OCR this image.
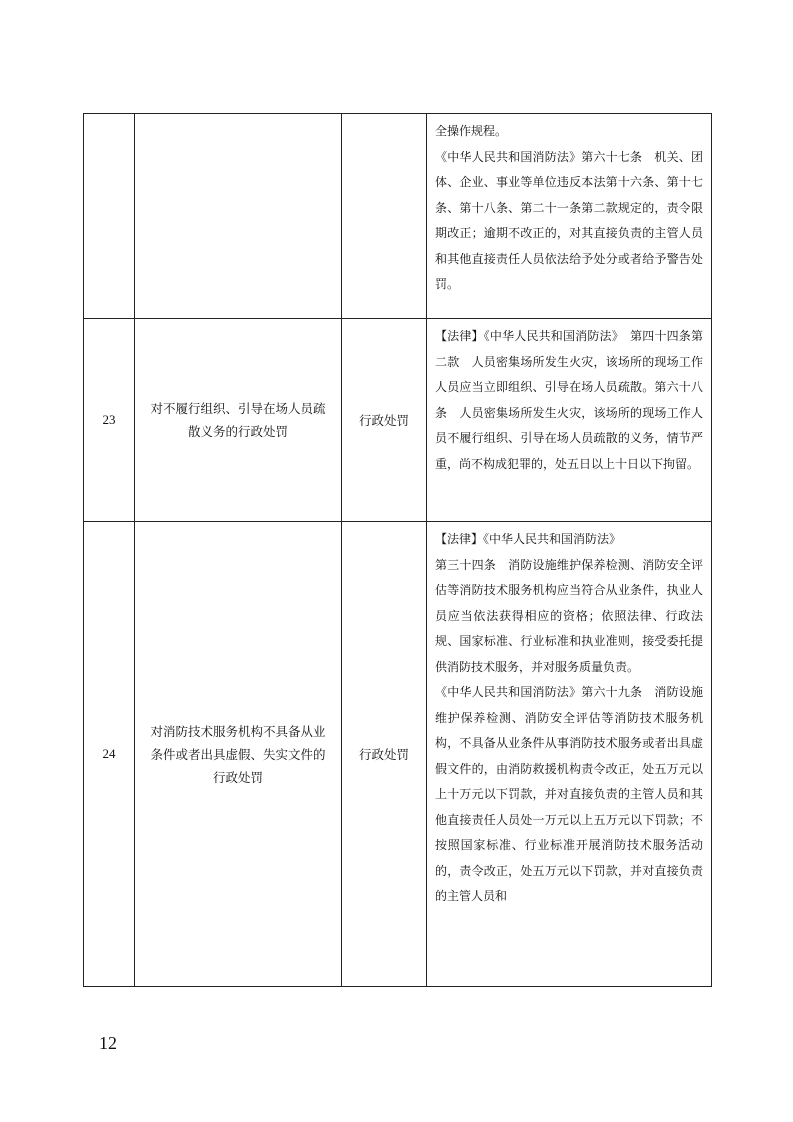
			全操作规程。
《中华人民共和国消防法》第六十七条　机关、团体、企业、事业等单位违反本法第十六条、第十七条、第十八条、第二十一条第二款规定的，责令限期改正；逾期不改正的，对其直接负责的主管人员和其他直接责任人员依法给予处分或者给予警告处罚。

23	对不履行组织、引导在场人员疏散义务的行政处罚	行政处罚	【法律】《中华人民共和国消防法》　第四十四条第二款　人员密集场所发生火灾，该场所的现场工作人员应当立即组织、引导在场人员疏散。第六十八条　人员密集场所发生火灾，该场所的现场工作人员不履行组织、引导在场人员疏散的义务，情节严重，尚不构成犯罪的，处五日以上十日以下拘留。

24	对消防技术服务机构不具备从业条件或者出具虚假、失实文件的行政处罚	行政处罚	【法律】《中华人民共和国消防法》
第三十四条　消防设施维护保养检测、消防安全评估等消防技术服务机构应当符合从业条件，执业人员应当依法获得相应的资格；依照法律、行政法规、国家标准、行业标准和执业准则，接受委托提供消防技术服务，并对服务质量负责。
《中华人民共和国消防法》第六十九条　消防设施维护保养检测、消防安全评估等消防技术服务机构，不具备从业条件从事消防技术服务或者出具虚假文件的，由消防救援机构责令改正，处五万元以上十万元以下罚款，并对直接负责的主管人员和其他直接责任人员处一万元以上五万元以下罚款；不按照国家标准、行业标准开展消防技术服务活动的，责令改正，处五万元以下罚款，并对直接负责的主管人员和
12
